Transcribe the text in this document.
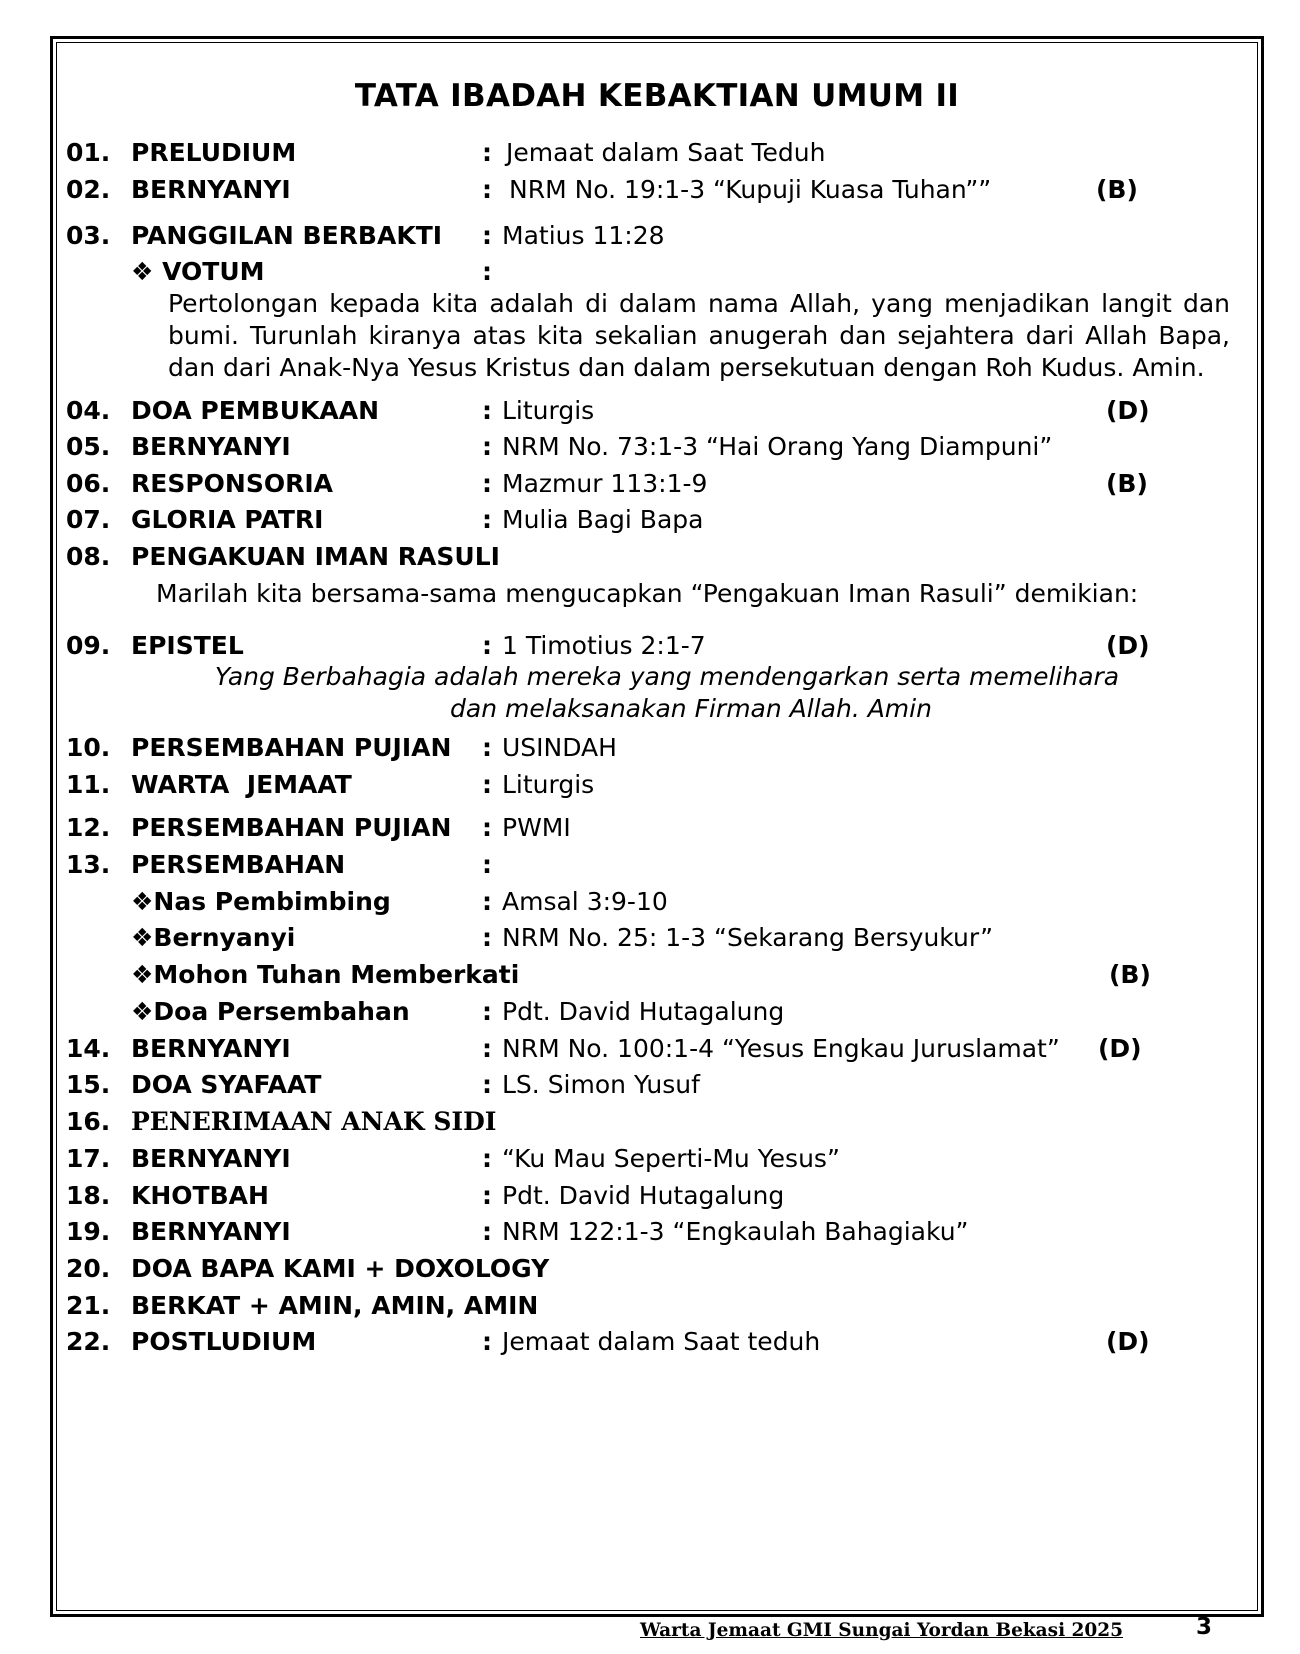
TATA IBADAH KEBAKTIAN UMUM II
01. PRELUDIUM	: Jemaat dalam Saat Teduh
02. BERNYANYI	: NRM No. 19:1-3 “Kupuji Kuasa Tuhan””	(B)
03. PANGGILAN BERBAKTI : Matius 11:28
❖ VOTUM	:
Pertolongan kepada kita adalah di dalam nama Allah, yang menjadikan langit dan
bumi. Turunlah kiranya atas kita sekalian anugerah dan sejahtera dari Allah Bapa,
dan dari Anak-Nya Yesus Kristus dan dalam persekutuan dengan Roh Kudus. Amin.
04. DOA PEMBUKAAN	: Liturgis	(D)
05. BERNYANYI	: NRM No. 73:1-3 “Hai Orang Yang Diampuni”
06. RESPONSORIA	: Mazmur 113:1-9	(B)
07. GLORIA PATRI	: Mulia Bagi Bapa
08. PENGAKUAN IMAN RASULI
Marilah kita bersama-sama mengucapkan “Pengakuan Iman Rasuli” demikian:
09. EPISTEL	: 1 Timotius 2:1-7	(D)
Yang Berbahagia adalah mereka yang mendengarkan serta memelihara
dan melaksanakan Firman Allah. Amin
10. PERSEMBAHAN PUJIAN : USINDAH
11. WARTA  JEMAAT	: Liturgis
12. PERSEMBAHAN PUJIAN : PWMI
13. PERSEMBAHAN	:
❖Nas Pembimbing	: Amsal 3:9-10
❖Bernyanyi	: NRM No. 25: 1-3 “Sekarang Bersyukur”
❖Mohon Tuhan Memberkati	(B)
❖Doa Persembahan	: Pdt. David Hutagalung
14. BERNYANYI	: NRM No. 100:1-4 “Yesus Engkau Juruslamat” (D)
15. DOA SYAFAAT	: LS. Simon Yusuf
16. PENERIMAAN ANAK SIDI
17. BERNYANYI	: “Ku Mau Seperti-Mu Yesus”
18. KHOTBAH	: Pdt. David Hutagalung
19. BERNYANYI	: NRM 122:1-3 “Engkaulah Bahagiaku”
20. DOA BAPA KAMI + DOXOLOGY
21. BERKAT + AMIN, AMIN, AMIN
22. POSTLUDIUM	: Jemaat dalam Saat teduh	(D)
Warta Jemaat GMI Sungai Yordan Bekasi 2025	3
